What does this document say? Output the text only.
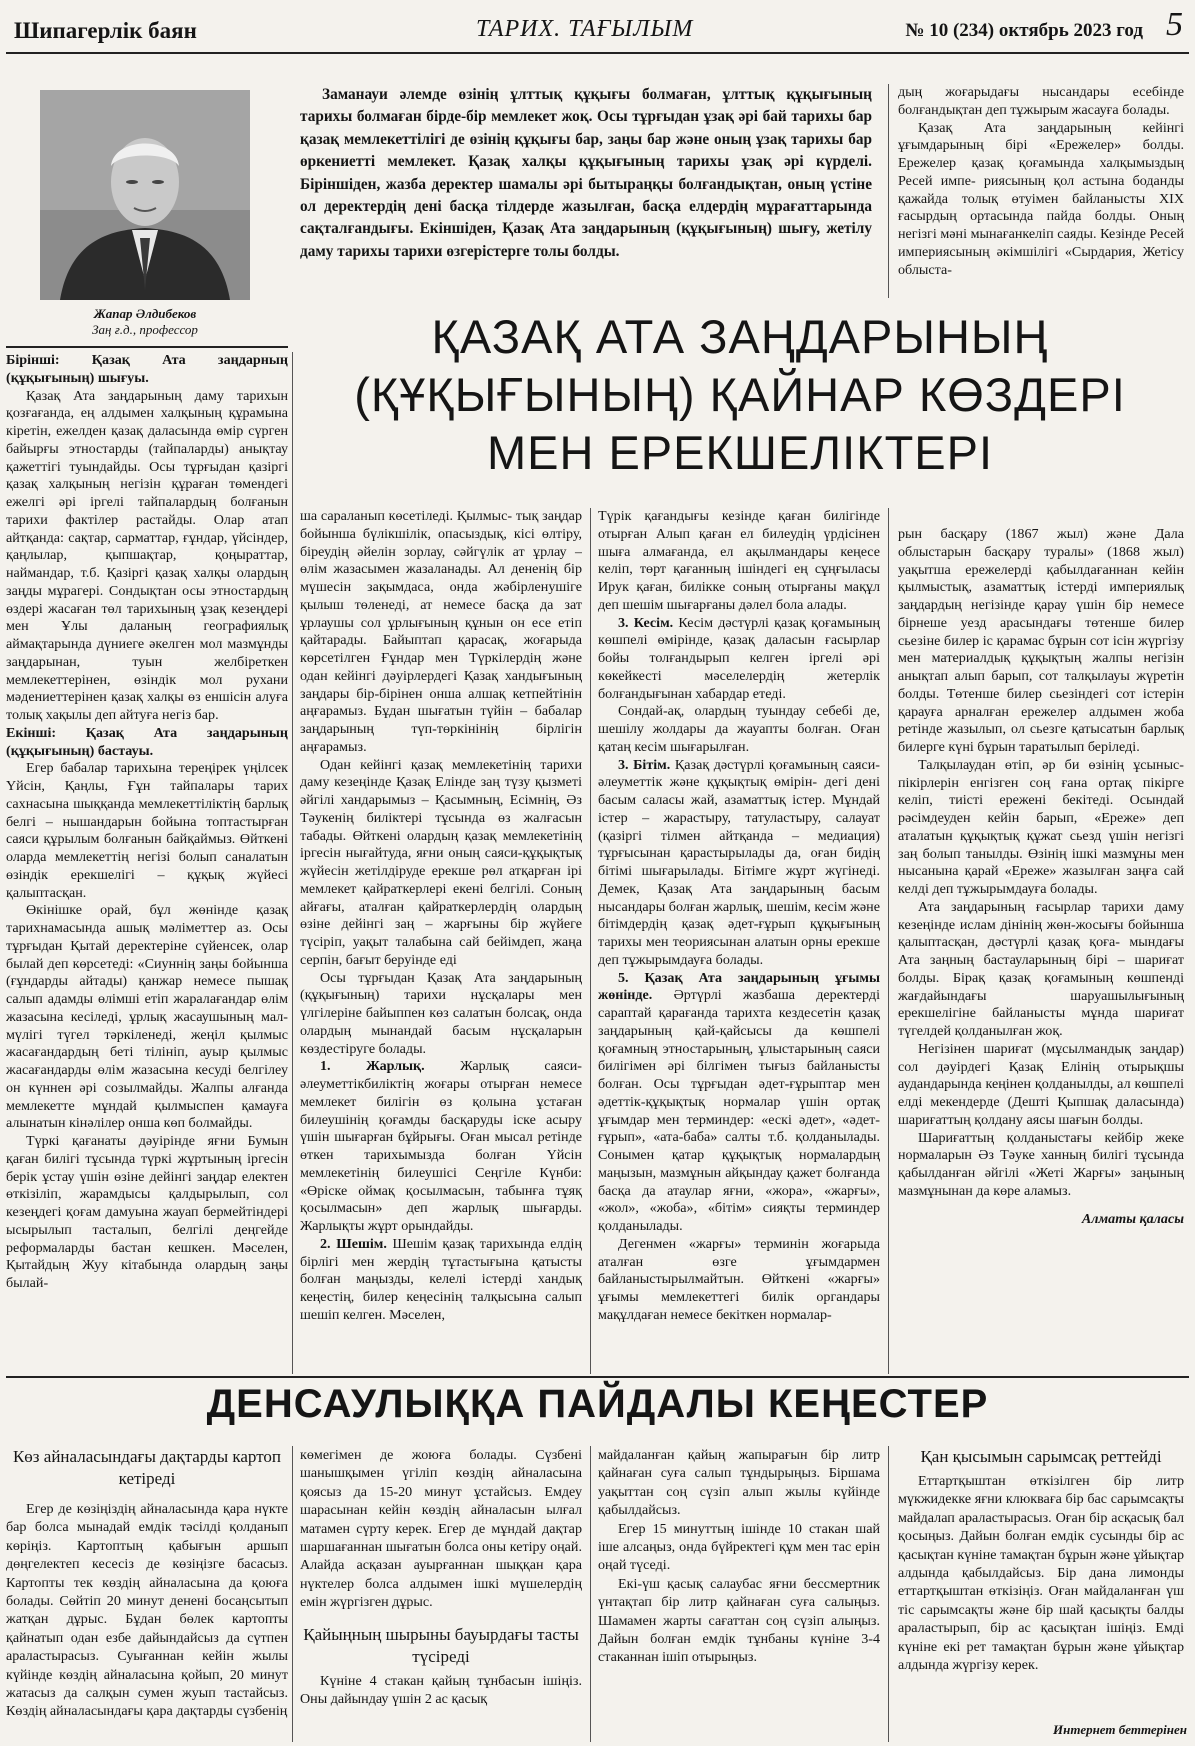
Шипагерлік баян	ТАРИХ. ТАҒЫЛЫМ	№ 10 (234) октябрь 2023 год 5
Жапар Әлдибеков
Заң ғ.д., профессор
Заманауи әлемде өзінің ұлттық құқығы болмаған, ұлттық құқығының тарихы болмаған бірде-бір мемлекет жоқ. Осы тұрғыдан ұзақ әрі бай тарихы бар қазақ мемлекеттілігі де өзінің құқығы бар, заңы бар және оның ұзақ тарихы бар өркениетті мемлекет. Қазақ халқы құқығының тарихы ұзақ әрі күрделі. Біріншіден, жазба деректер шамалы әрі бытыраңқы болғандықтан, оның үстіне ол деректердің дені басқа тілдерде жазылған, басқа елдердің мұрағаттарында сақталғандығы. Екіншіден, Қазақ Ата заңдарының (құқығының) шығу, жетілу даму тарихы тарихи өзгерістерге толы болды.
ҚАЗАҚ АТА ЗАҢДАРЫНЫҢ (ҚҰҚЫҒЫНЫҢ) ҚАЙНАР КӨЗДЕРІ МЕН ЕРЕКШЕЛІКТЕРІ

Бірінші: Қазақ Ата заңдарның (құқығының) шығуы.

Қазақ Ата заңдарының даму тарихын қозғағанда, ең алдымен халқының құрамына кіретін, ежелден қазақ даласында өмір сүрген байырғы этностарды (тайпаларды) анықтау қажеттігі туындайды. Осы тұрғыдан қазіргі қазақ халқының негізін құраған төмендегі ежелгі әрі іргелі тайпалардың болғанын тарихи фактілер растайды. Олар атап айтқанда: сақтар, сарматтар, ғұндар, үйсіндер, қаңлылар, қыпшақтар, қоңыраттар, наймандар, т.б. Қазіргі қазақ халқы олардың заңды мұрагері. Сондықтан осы этностардың өздері жасаған төл тарихының ұзақ кезеңдері мен Ұлы даланың географиялық аймақтарында дүниеге әкелген мол мазмұнды заңдарынан, туын желбіреткен мемлекеттерінен, өзіндік мол рухани мәдениеттерінен қазақ халқы өз еншісін алуға толық хақылы деп айтуға негіз бар.

Екінші: Қазақ Ата заңдарының (құқығының) бастауы.

Егер бабалар тарихына тереңірек үңілсек Үйсін, Қаңлы, Ғұн тайпалары тарих сахнасына шыққанда мемлекеттіліктің барлық белгі – нышандарын бойына топтастырған саяси құрылым болғанын байқаймыз. Өйткені оларда мемлекеттің негізі болып саналатын өзіндік ерекшелігі – құқық жүйесі қалыптасқан.

Өкінішке орай, бұл жөнінде қазақ тарихнамасында ашық мәліметтер аз. Осы тұрғыдан Қытай деректеріне сүйенсек, олар былай деп көрсетеді: «Сиуннің заңы бойынша (ғұндарды айтады) қанжар немесе пышақ салып адамды өлімші етіп жаралағандар өлім жазасына кесіледі, ұрлық жасаушының мал-мүлігі түгел тәркіленеді, жеңіл қылмыс жасағандардың беті тілініп, ауыр қылмыс жасағандарды өлім жазасына кесуді белгілеу он күннен әрі созылмайды. Жалпы алғанда мемлекетте мұндай қылмыспен қамауға алынатын кінәлілер онша көп болмайды.

Түркі қағанаты дәуірінде яғни Бумын қаған билігі тұсында түркі жұртының іргесін берік ұстау үшін өзіне дейінгі заңдар електен өткізіліп, жарамдысы қалдырылып, сол кезеңдегі қоғам дамуына жауап бермейтіндері ысырылып тасталып, белгілі деңгейде реформаларды бастан кешкен. Мәселен, Қытайдың Жуу кітабында олардың заңы былай-

ша сараланып көсетіледі. Қылмыс- тық заңдар бойынша бүлікшілік, опасыздық, кісі өлтіру, біреудің әйелін зорлау, сәйгүлік ат ұрлау – өлім жазасымен жазаланады. Ал дененің бір мүшесін зақымдаса, онда жәбірленушіге қылыш төленеді, ат немесе басқа да зат ұрлаушы сол ұрлығының құнын он есе етіп қайтарады. Байыптап қарасақ, жоғарыда көрсетілген Ғұндар мен Түркілердің және одан кейінгі дәуірлердегі Қазақ хандығының заңдары бір-бірінен онша алшақ кетпейтінін аңғарамыз. Бұдан шығатын түйін – бабалар заңдарының түп-төркінінің бірлігін аңғарамыз.

Одан кейінгі қазақ мемлекетінің тарихи даму кезеңінде Қазақ Елінде заң түзу қызметі әйгілі хандарымыз – Қасымның, Есімнің, Әз Тәукенің биліктері тұсында өз жалғасын табады. Өйткені олардың қазақ мемлекетінің іргесін нығайтуда, яғни оның саяси-құқықтық жүйесін жетілдіруде ерекше рөл атқарған ірі мемлекет қайраткерлері екені белгілі. Соның айғағы, аталған қайраткерлердің олардың өзіне дейінгі заң – жарғыны бір жүйеге түсіріп, уақыт талабына сай бейімдеп, жаңа серпін, бағыт беруінде еді

Осы тұрғыдан Қазақ Ата заңдарының (құқығының) тарихи нұсқалары мен үлгілеріне байыппен көз салатын болсақ, онда олардың мынандай басым нұсқаларын көздестіруге болады.

1. Жарлық. Жарлық саяси-әлеуметтікбиліктің жоғары отырған немесе мемлекет билігін өз қолына ұстаған билеушінің қоғамды басқаруды іске асыру үшін шығарған бұйрығы. Оған мысал ретінде өткен тарихымызда болған Үйсін мемлекетінің билеушісі Сеңгіле Күнби: «Өріске оймақ қосылмасын, табынға тұяқ қосылмасын» деп жарлық шығарды. Жарлықты жұрт орындайды.

2. Шешім. Шешім қазақ тарихында елдің бірлігі мен жердің тұтастығына қатысты болған маңызды, келелі істерді хандық кеңестің, билер кеңесінің талқысына салып шешіп келген. Мәселен,

Түрік қағандығы кезінде қаған билігінде отырған Алып қаған ел билеудің үрдісінен шыға алмағанда, ел ақылмандары кеңесе келіп, төрт қағанның ішіндегі ең сұңғыласы Ирук қаған, билікке соның отырғаны мақұл деп шешім шығарғаны дәлел бола алады.

3. Кесім. Кесім дәстүрлі қазақ қоғамының көшпелі өмірінде, қазақ даласын ғасырлар бойы толғандырып келген іргелі әрі көкейкесті мәселелердің жетерлік болғандығынан хабардар етеді.

Сондай-ақ, олардың туындау себебі де, шешілу жолдары да жауапты болған. Оған қатаң кесім шығарылған.

3. Бітім. Қазақ дәстүрлі қоғамының саяси-әлеуметтік және құқықтық өмірін- дегі дені басым саласы жай, азаматтық істер. Мұндай істер – жарастыру, татуластыру, салауат (қазіргі тілмен айтқанда – медиация) тұрғысынан қарастырылады да, оған бидің бітімі шығарылады. Бітімге жұрт жүгінеді. Демек, Қазақ Ата заңдарының басым нысандары болған жарлық, шешім, кесім және бітімдердің қазақ әдет-ғұрып құқығының тарихы мен теориясынан алатын орны ерекше деп тұжырымдауға болады.

5. Қазақ Ата заңдарының ұғымы жөнінде. Әртүрлі жазбаша деректерді сараптай қарағанда тарихта кездесетін қазақ заңдарының қай-қайсысы да көшпелі қоғамның этностарының, ұлыстарының саяси билігімен әрі білгімен тығыз байланысты болған. Осы тұрғыдан әдет-ғұрыптар мен әдеттік-құқықтық нормалар үшін ортақ ұғымдар мен терминдер: «ескі әдет», «әдет-ғұрып», «ата-баба» салты т.б. қолданылады. Сонымен қатар құқықтық нормалардың маңызын, мазмұнын айқындау қажет болғанда басқа да атаулар яғни, «жора», «жарғы», «жол», «жоба», «бітім» сияқты терминдер қолданылады.

Дегенмен «жарғы» терминін жоғарыда аталған өзге ұғымдармен байланыстырылмайтын. Өйткені «жарғы» ұғымы мемлекеттегі билік органдары мақұлдаған немесе бекіткен нормалар-

дың жоғарыдағы нысандары есебінде болғандықтан деп тұжырым жасауға болады.

Қазақ Ата заңдарының кейінгі ұғымдарының бірі «Ережелер» болды. Ережелер қазақ қоғамында халқымыздың Ресей импе- риясының қол астына боданды қажайда толық өтуімен байланысты XIX ғасырдың ортасында пайда болды. Оның негізгі мәні мынағанкеліп саяды. Кезінде Ресей империясының әкімшілігі «Сырдария, Жетісу облыста-

рын басқару (1867 жыл) және Дала облыстарын басқару туралы» (1868 жыл) уақытша ережелерді қабылдағаннан кейін қылмыстық, азаматтық істерді империялық заңдардың негізінде қарау үшін бір немесе бірнеше уезд арасындағы төтенше билер сьезіне билер іс қарамас бұрын сот ісін жүргізу мен материалдық құқықтың жалпы негізін анықтап алып барып, сот талқылауы жүретін болды. Төтенше билер сьезіндегі сот істерін қарауға арналған ережелер алдымен жоба ретінде жазылып, ол сьезге қатысатын барлық билерге күні бұрын таратылып беріледі.

Талқылаудан өтіп, әр би өзінің ұсыныс-пікірлерін енгізген соң ғана ортақ пікірге келіп, тиісті ережені бекітеді. Осындай рәсімдеуден кейін барып, «Ереже» деп аталатын құқықтық құжат сьезд үшін негізгі заң болып танылды. Өзінің ішкі мазмұны мен нысанына қарай «Ереже» жазылған заңға сай келді деп тұжырымдауға болады.

Ата заңдарының ғасырлар тарихи даму кезеңінде ислам дінінің жөн-жосығы бойынша қалыптасқан, дәстүрлі қазақ қоға- мындағы Ата заңның бастауларының бірі – шариғат болды. Бірақ қазақ қоғамының көшпенді жағдайындағы шаруашылығының ерекшелігіне байланысты мұнда шариғат түгелдей қолданылған жоқ.

Негізінен шариғат (мұсылмандық заңдар) сол дәуірдегі Қазақ Елінің отырықшы аудандарында кеңінен қолданылды, ал көшпелі елді мекендерде (Дешті Қыпшақ даласында) шариғаттың қолдану аясы шағын болды.

Шариғаттың қолданыстағы кейбір жеке нормаларын Әз Тәуке ханның билігі тұсында қабылданған әйгілі «Жеті Жарғы» заңының мазмұнынан да көре аламыз.

Алматы қаласы

ДЕНСАУЛЫҚҚА ПАЙДАЛЫ КЕҢЕСТЕР
Көз айналасындағы дақтарды картоп кетіреді

Егер де көзіңіздің айналасында қара нүкте бар болса мынадай емдік тәсілді қолданып көріңіз. Картоптың қабығын аршып дөңгелектеп кесесіз де көзіңізге басасыз. Картопты тек көздің айналасына да қоюға болады. Сөйтіп 20 минут денені босаңсытып жатқан дұрыс. Бұдан бөлек картопты қайнатып одан езбе дайындайсыз да сүтпен араластырасыз. Суығаннан кейін жылы күйінде көздің айналасына қойып, 20 минут жатасыз да салқын сумен жуып тастайсыз. Көздің айналасындағы қара дақтарды сүзбенің

көмегімен де жоюға болады. Сүзбені шанышқымен үгіліп көздің айналасына қоясыз да 15-20 минут ұстайсыз. Емдеу шарасынан кейін көздің айналасын ылғал матамен сүрту керек. Егер де мұндай дақтар шаршағаннан шығатын болса оны кетіру оңай. Алайда асқазан ауырғаннан шыққан қара нүктелер болса алдымен ішкі мүшелердің емін жүргізген дұрыс.

Қайыңның шырыны бауырдағы тасты түсіреді

Күніне 4 стакан қайың тұнбасын ішіңіз. Оны дайындау үшін 2 ас қасық

майдаланған қайың жапырағын бір литр қайнаған суға салып тұндырыңыз. Біршама уақыттан соң сүзіп алып жылы күйінде қабылдайсыз.

Егер 15 минуттың ішінде 10 стакан шай іше алсаңыз, онда бүйректегі құм мен тас ерін оңай түседі.

Екі-үш қасық салаубас яғни бессмертник үнтақтап бір литр қайнаған суға салыңыз. Шамамен жарты сағаттан соң сүзіп алыңыз. Дайын болған емдік тұнбаны күніне 3-4 стаканнан ішіп отырыңыз.

Қан қысымын сарымсақ реттейді

Еттартқыштан өткізілген бір литр мүкжидекке яғни клюкваға бір бас сарымсақты майдалап араластырасыз. Оған бір асқасық бал қосыңыз. Дайын болған емдік сусынды бір ас қасықтан күніне тамақтан бұрын және ұйықтар алдында қабылдайсыз. Бір дана лимонды еттартқыштан өткізіңіз. Оған майдаланған үш тіс сарымсақты және бір шай қасықты балды араластырып, бір ас қасықтан ішіңіз. Емді күніне екі рет тамақтан бұрын және ұйықтар алдында жүргізу керек.

Интернет беттерінен
